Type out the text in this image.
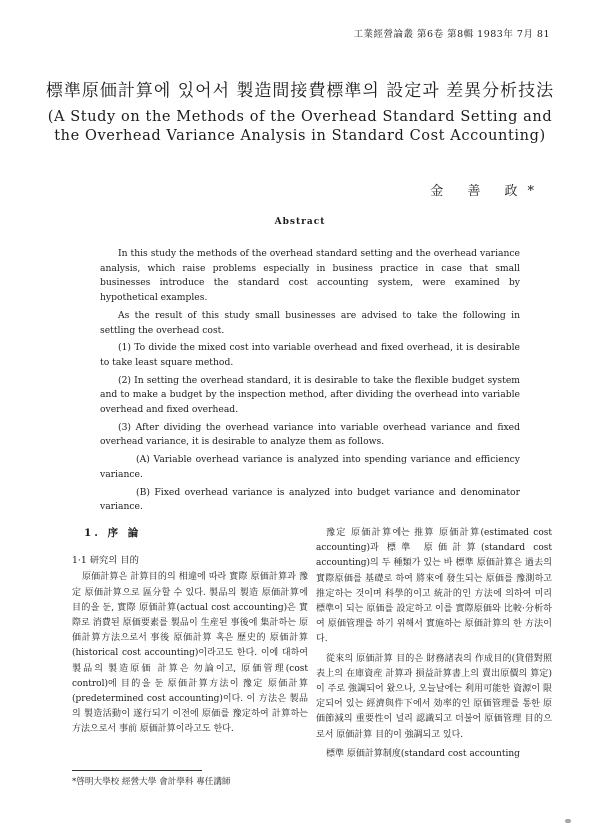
工業經營論叢 第6卷 第8輯 1983年 7月 81
標準原価計算에 있어서 製造間接費標準의 設定과 差異分析技法
(A Study on the Methods of the Overhead Standard Setting and
the Overhead Variance Analysis in Standard Cost Accounting)
金 善 政*
Abstract

In this study the methods of the overhead standard setting and the overhead variance analysis, which raise problems especially in business practice in case that small businesses introduce the standard cost accounting system, were examined by hypothetical examples.

As the result of this study small businesses are advised to take the following in settling the overhead cost.

(1) To divide the mixed cost into variable overhead and fixed overhead, it is desirable to take least square method.

(2) In setting the overhead standard, it is desirable to take the flexible budget system and to make a budget by the inspection method, after dividing the overhead into variable overhead and fixed overhead.

(3) After dividing the overhead variance into variable overhead variance and fixed overhead variance, it is desirable to analyze them as follows.

(A) Variable overhead variance is analyzed into spending variance and efficiency variance.

(B) Fixed overhead variance is analyzed into budget variance and denominator variance.

1. 序 論
1·1 研究의 目的

原価計算은 計算目的의 相違에 따라 實際 原価計算과 豫定 原価計算으로 區分할 수 있다. 製品의 製造 原価計算에 目的을 둔, 實際 原価計算(actual cost accounting)은 實際로 消費된 原価要素를 製品이 生産된 事後에 集計하는 原価計算方法으로서 事後 原価計算 혹은 歷史的 原価計算(historical cost accounting)이라고도 한다. 이에 대하여 製品의 製造原価 計算은 勿論이고, 原価管理(cost control)에 目的을 둔 原価計算方法이 豫定 原価計算(predetermined cost accounting)이다. 이 方法은 製品의 製造活動이 遂行되기 이전에 原価를 豫定하여 計算하는 方法으로서 事前 原価計算이라고도 한다.

豫定 原価計算에는 推算 原価計算(estimated cost accounting)과 標準 原価計算(standard cost accounting)의 두 種類가 있는 바 標準 原価計算은 過去의 實際原価를 基礎로 하여 將來에 發生되는 原価를 豫測하고 推定하는 것이며 科學的이고 統計的인 方法에 의하여 미리 標準이 되는 原価를 設定하고 이를 實際原価와 比較·分析하여 原価管理를 하기 위해서 實施하는 原価計算의 한 方法이다.

從來의 原価計算 目的은 財務諸表의 作成目的(貸借對照表上의 在庫資産 計算과 損益計算書上의 賣出原價의 算定)이 주로 強調되어 왔으나, 오늘날에는 利用可能한 資源이 限定되어 있는 經濟與件下에서 効率的인 原価管理를 통한 原価節減의 重要性이 널리 認識되고 더불어 原価管理 目的으로서 原価計算 目的이 強調되고 있다.

標準 原価計算制度(standard cost accounting

*啓明大學校 經營大學 會計學科 專任講師
